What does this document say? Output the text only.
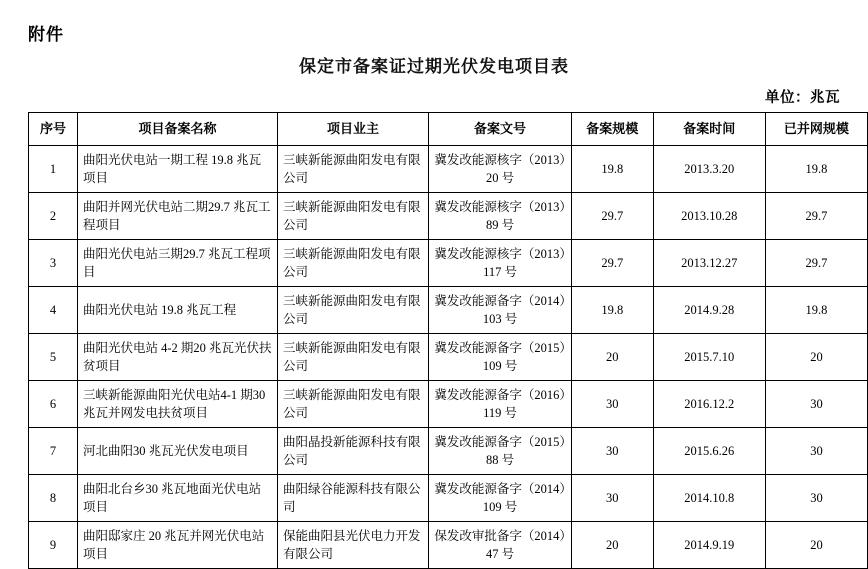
附件
保定市备案证过期光伏发电项目表
单位：兆瓦
序号	项目备案名称	项目业主	备案文号	备案规模	备案时间	已并网规模
1	曲阳光伏电站一期工程 19.8 兆瓦项目	三峡新能源曲阳发电有限公司	冀发改能源核字（2013）20 号	19.8	2013.3.20	19.8
2	曲阳并网光伏电站二期29.7 兆瓦工程项目	三峡新能源曲阳发电有限公司	冀发改能源核字（2013）89 号	29.7	2013.10.28	29.7
3	曲阳光伏电站三期29.7 兆瓦工程项目	三峡新能源曲阳发电有限公司	冀发改能源核字（2013）117 号	29.7	2013.12.27	29.7
4	曲阳光伏电站 19.8 兆瓦工程	三峡新能源曲阳发电有限公司	冀发改能源备字（2014）103 号	19.8	2014.9.28	19.8
5	曲阳光伏电站 4-2 期20 兆瓦光伏扶贫项目	三峡新能源曲阳发电有限公司	冀发改能源备字（2015）109 号	20	2015.7.10	20
6	三峡新能源曲阳光伏电站4-1 期30 兆瓦并网发电扶贫项目	三峡新能源曲阳发电有限公司	冀发改能源备字（2016）119 号	30	2016.12.2	30
7	河北曲阳30 兆瓦光伏发电项目	曲阳晶投新能源科技有限公司	冀发改能源备字（2015）88 号	30	2015.6.26	30
8	曲阳北台乡30 兆瓦地面光伏电站项目	曲阳绿谷能源科技有限公司	冀发改能源备字（2014）109 号	30	2014.10.8	30
9	曲阳邸家庄 20 兆瓦并网光伏电站项目	保能曲阳县光伏电力开发有限公司	保发改审批备字（2014）47 号	20	2014.9.19	20
